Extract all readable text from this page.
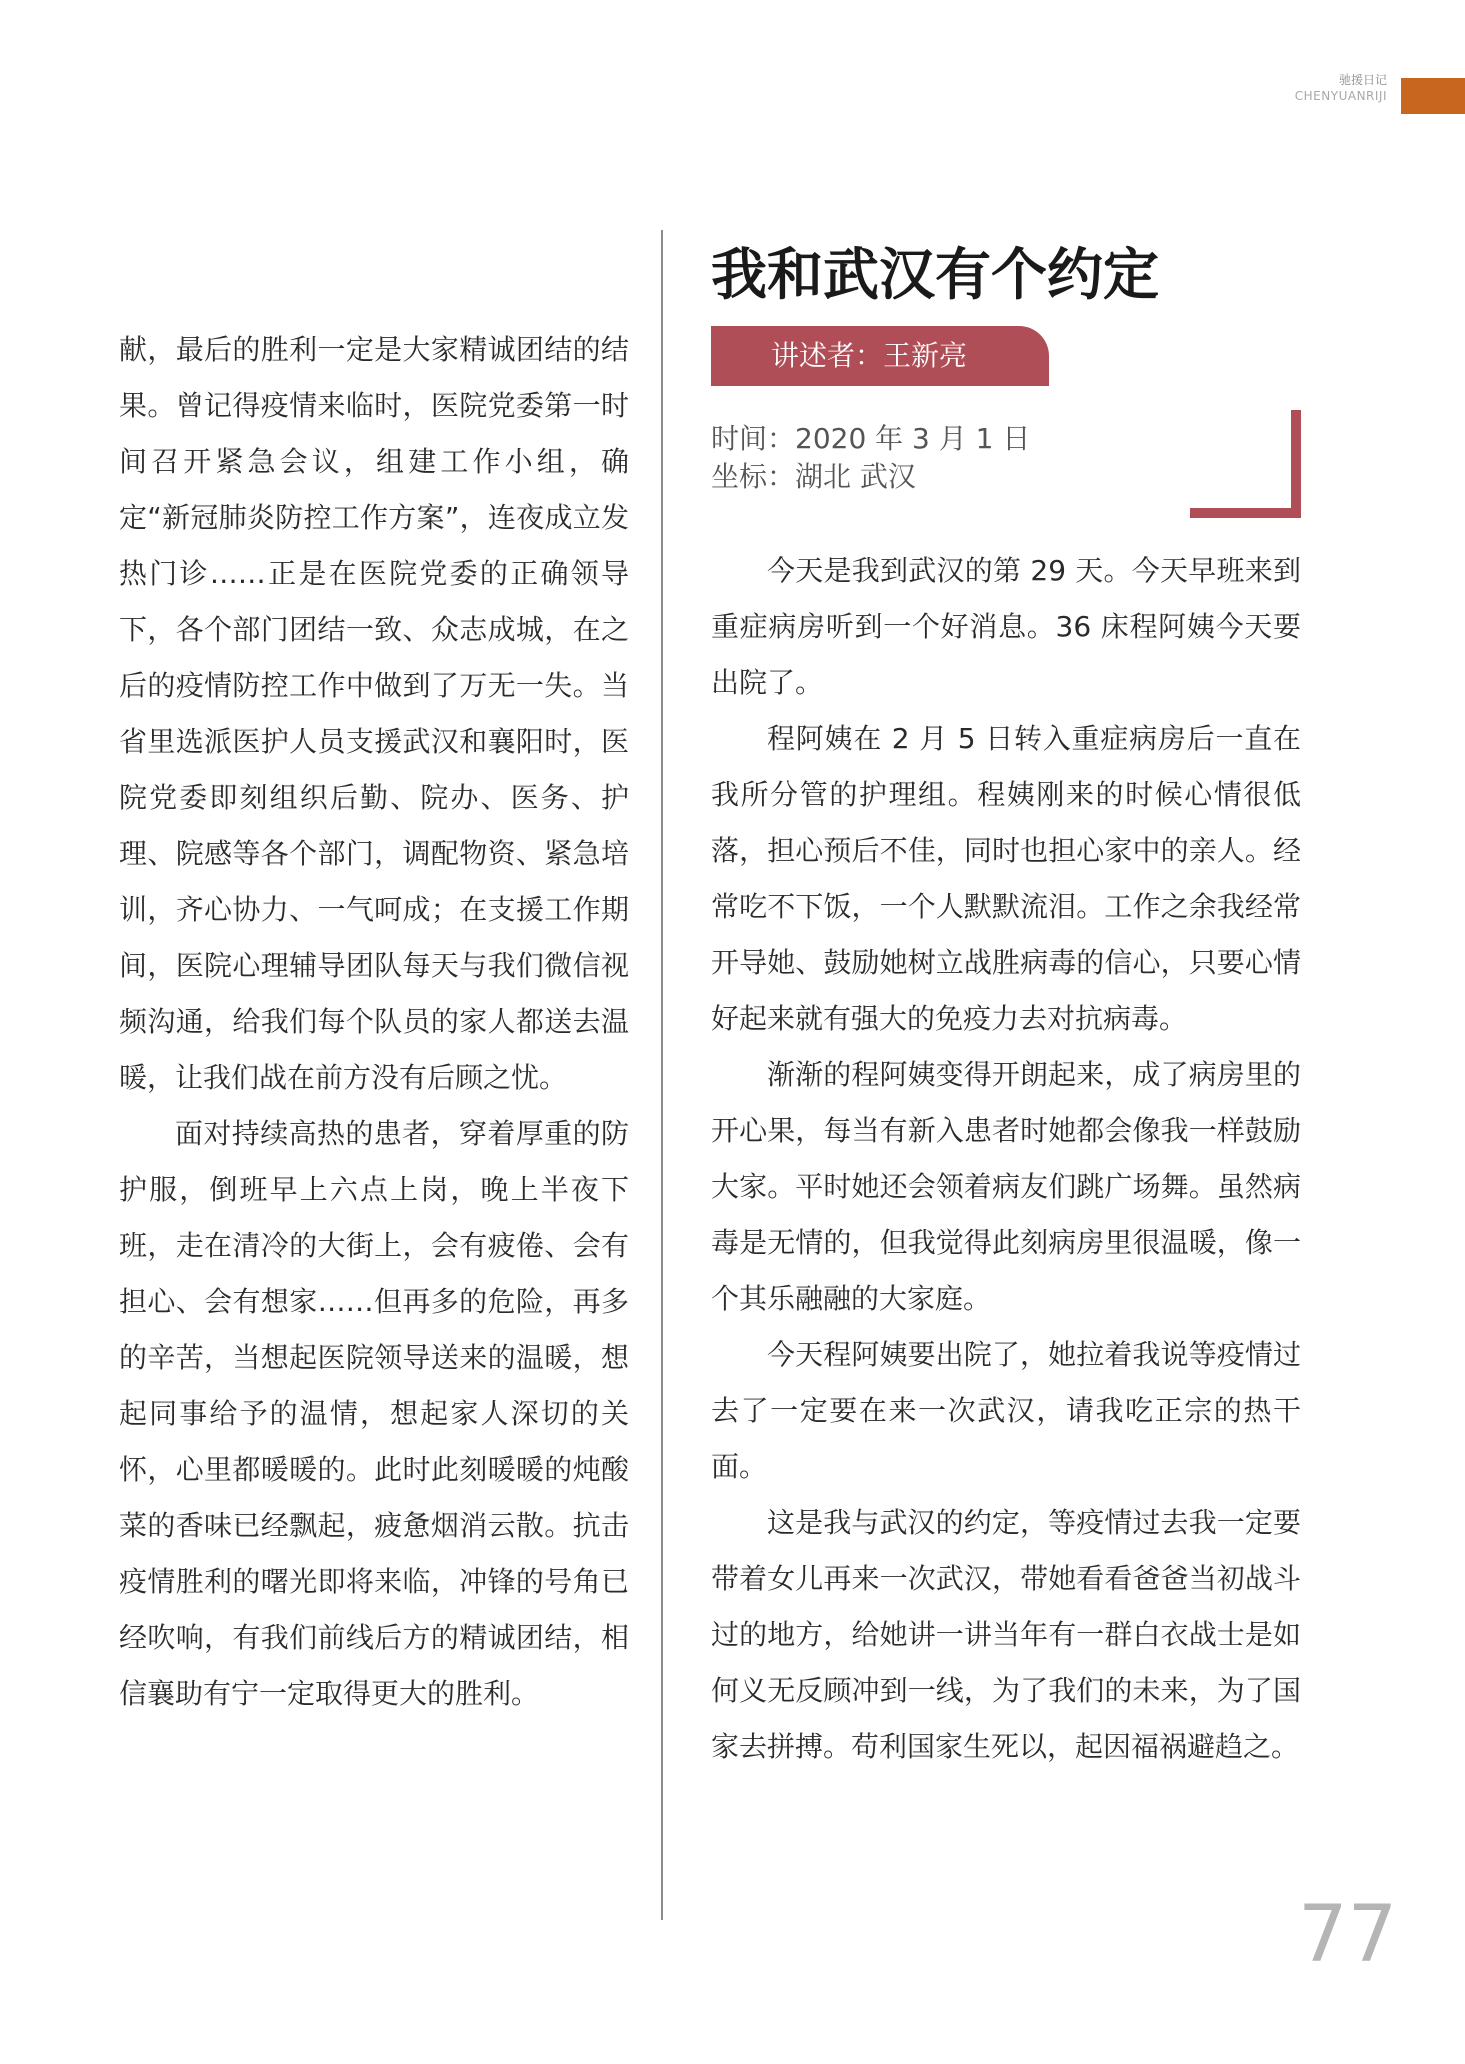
驰援日记
CHENYUANRIJI

献，最后的胜利一定是大家精诚团结的结果。曾记得疫情来临时，医院党委第一时间召开紧急会议，组建工作小组，确定“新冠肺炎防控工作方案”，连夜成立发热门诊……正是在医院党委的正确领导下，各个部门团结一致、众志成城，在之后的疫情防控工作中做到了万无一失。当省里选派医护人员支援武汉和襄阳时，医院党委即刻组织后勤、院办、医务、护理、院感等各个部门，调配物资、紧急培训，齐心协力、一气呵成；在支援工作期间，医院心理辅导团队每天与我们微信视频沟通，给我们每个队员的家人都送去温暖，让我们战在前方没有后顾之忧。

面对持续高热的患者，穿着厚重的防护服，倒班早上六点上岗，晚上半夜下班，走在清冷的大街上，会有疲倦、会有担心、会有想家……但再多的危险，再多的辛苦，当想起医院领导送来的温暖，想起同事给予的温情，想起家人深切的关怀，心里都暖暖的。此时此刻暖暖的炖酸菜的香味已经飘起，疲惫烟消云散。抗击疫情胜利的曙光即将来临，冲锋的号角已经吹响，有我们前线后方的精诚团结，相信襄助有宁一定取得更大的胜利。

我和武汉有个约定
讲述者：王新亮
时间：2020 年 3 月 1 日
坐标：湖北 武汉

今天是我到武汉的第 29 天。今天早班来到重症病房听到一个好消息。36 床程阿姨今天要出院了。

程阿姨在 2 月 5 日转入重症病房后一直在我所分管的护理组。程姨刚来的时候心情很低落，担心预后不佳，同时也担心家中的亲人。经常吃不下饭，一个人默默流泪。工作之余我经常开导她、鼓励她树立战胜病毒的信心，只要心情好起来就有强大的免疫力去对抗病毒。

渐渐的程阿姨变得开朗起来，成了病房里的开心果，每当有新入患者时她都会像我一样鼓励大家。平时她还会领着病友们跳广场舞。虽然病毒是无情的，但我觉得此刻病房里很温暖，像一个其乐融融的大家庭。

今天程阿姨要出院了，她拉着我说等疫情过去了一定要在来一次武汉，请我吃正宗的热干面。

这是我与武汉的约定，等疫情过去我一定要带着女儿再来一次武汉，带她看看爸爸当初战斗过的地方，给她讲一讲当年有一群白衣战士是如何义无反顾冲到一线，为了我们的未来，为了国家去拼搏。苟利国家生死以，起因福祸避趋之。

77
